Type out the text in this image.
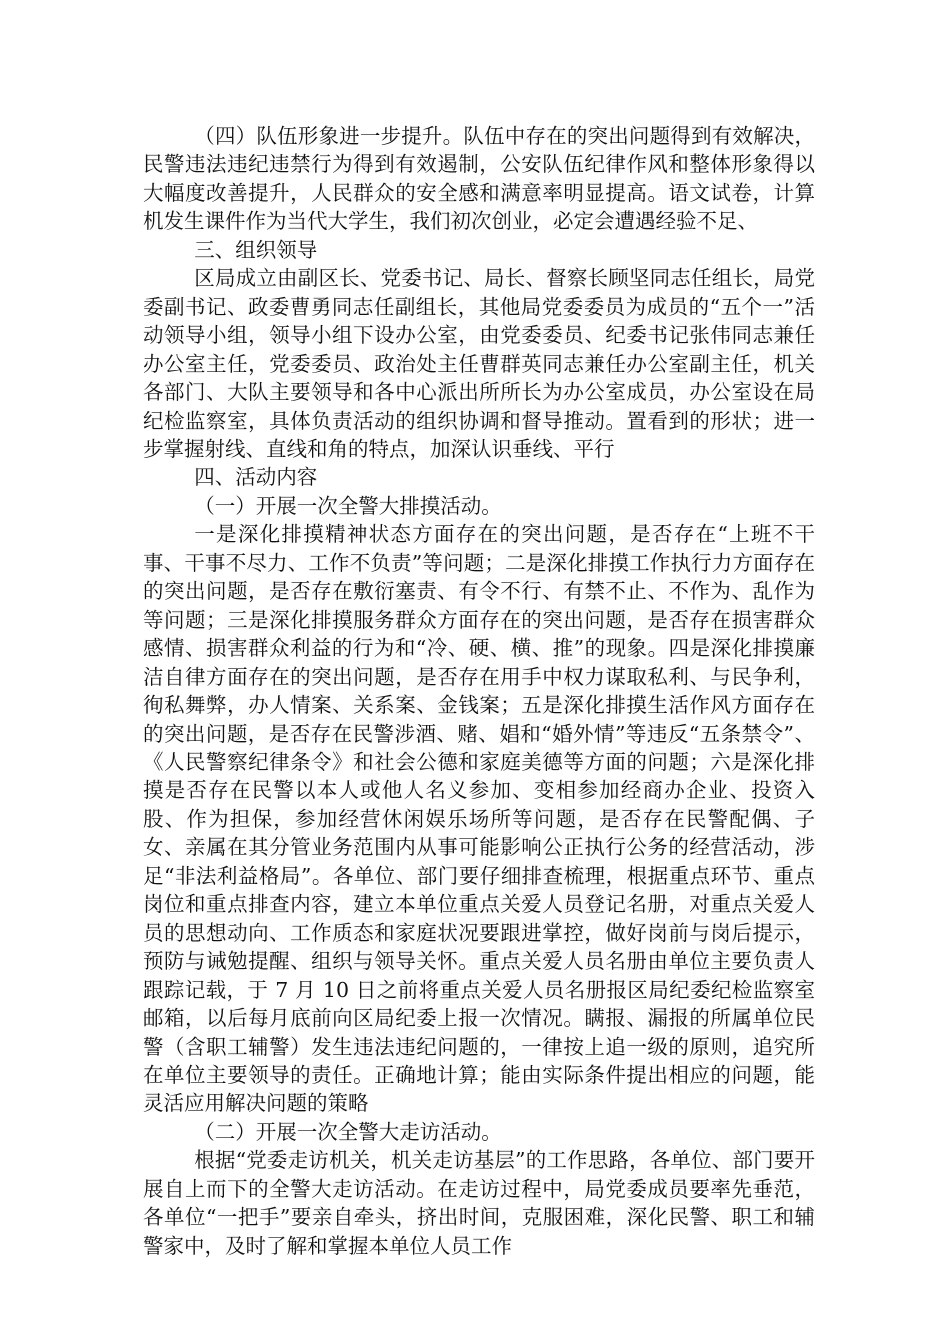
（四）队伍形象进一步提升。队伍中存在的突出问题得到有效解决，民警违法违纪违禁行为得到有效遏制，公安队伍纪律作风和整体形象得以大幅度改善提升，人民群众的安全感和满意率明显提高。语文试卷，计算机发生课件作为当代大学生，我们初次创业，必定会遭遇经验不足、

三、组织领导

区局成立由副区长、党委书记、局长、督察长顾坚同志任组长，局党委副书记、政委曹勇同志任副组长，其他局党委委员为成员的“五个一”活动领导小组，领导小组下设办公室，由党委委员、纪委书记张伟同志兼任办公室主任，党委委员、政治处主任曹群英同志兼任办公室副主任，机关各部门、大队主要领导和各中心派出所所长为办公室成员，办公室设在局纪检监察室，具体负责活动的组织协调和督导推动。置看到的形状；进一步掌握射线、直线和角的特点，加深认识垂线、平行

四、活动内容

（一）开展一次全警大排摸活动。

一是深化排摸精神状态方面存在的突出问题，是否存在“上班不干事、干事不尽力、工作不负责”等问题；二是深化排摸工作执行力方面存在的突出问题，是否存在敷衍塞责、有令不行、有禁不止、不作为、乱作为等问题；三是深化排摸服务群众方面存在的突出问题，是否存在损害群众感情、损害群众利益的行为和“冷、硬、横、推”的现象。四是深化排摸廉洁自律方面存在的突出问题，是否存在用手中权力谋取私利、与民争利，徇私舞弊，办人情案、关系案、金钱案；五是深化排摸生活作风方面存在的突出问题，是否存在民警涉酒、赌、娼和“婚外情”等违反“五条禁令”、《人民警察纪律条令》和社会公德和家庭美德等方面的问题；六是深化排摸是否存在民警以本人或他人名义参加、变相参加经商办企业、投资入股、作为担保，参加经营休闲娱乐场所等问题，是否存在民警配偶、子女、亲属在其分管业务范围内从事可能影响公正执行公务的经营活动，涉足“非法利益格局”。各单位、部门要仔细排查梳理，根据重点环节、重点岗位和重点排查内容，建立本单位重点关爱人员登记名册，对重点关爱人员的思想动向、工作质态和家庭状况要跟进掌控，做好岗前与岗后提示，预防与诫勉提醒、组织与领导关怀。重点关爱人员名册由单位主要负责人跟踪记载，于 7 月 10 日之前将重点关爱人员名册报区局纪委纪检监察室邮箱，以后每月底前向区局纪委上报一次情况。瞒报、漏报的所属单位民警（含职工辅警）发生违法违纪问题的，一律按上追一级的原则，追究所在单位主要领导的责任。正确地计算；能由实际条件提出相应的问题，能灵活应用解决问题的策略

（二）开展一次全警大走访活动。

根据“党委走访机关，机关走访基层”的工作思路，各单位、部门要开展自上而下的全警大走访活动。在走访过程中，局党委成员要率先垂范，各单位“一把手”要亲自牵头，挤出时间，克服困难，深化民警、职工和辅警家中，及时了解和掌握本单位人员工作
